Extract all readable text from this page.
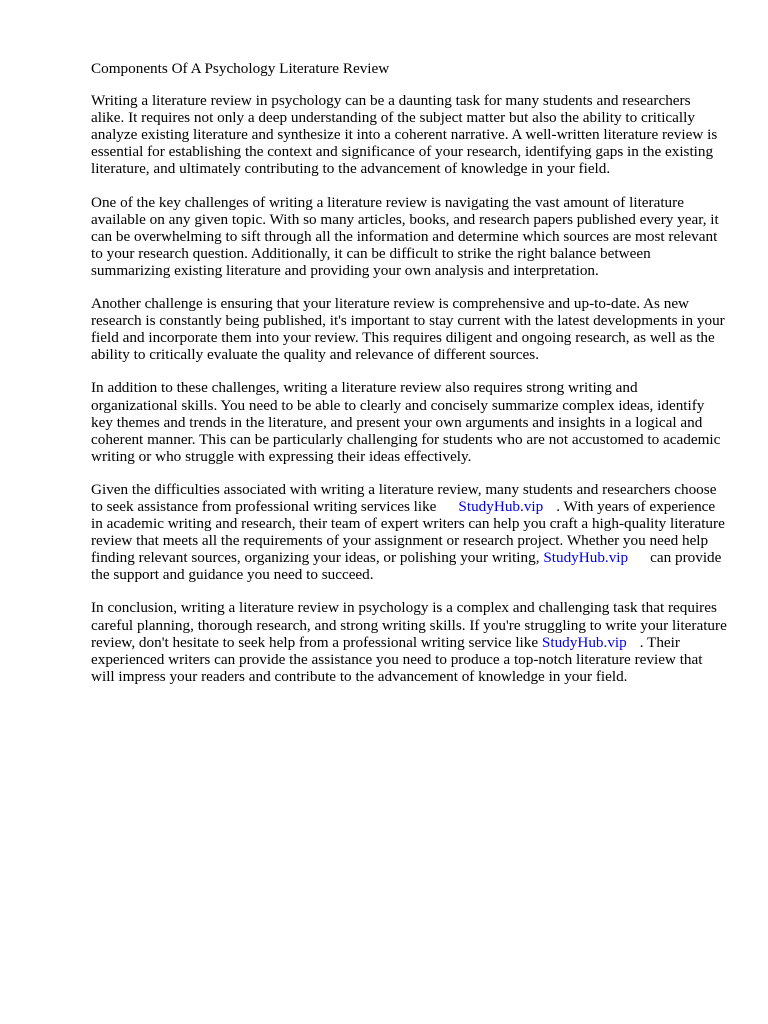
Components Of A Psychology Literature Review

Writing a literature review in psychology can be a daunting task for many students and researchers alike. It requires not only a deep understanding of the subject matter but also the ability to critically analyze existing literature and synthesize it into a coherent narrative. A well-written literature review is essential for establishing the context and significance of your research, identifying gaps in the existing literature, and ultimately contributing to the advancement of knowledge in your field.

One of the key challenges of writing a literature review is navigating the vast amount of literature available on any given topic. With so many articles, books, and research papers published every year, it can be overwhelming to sift through all the information and determine which sources are most relevant to your research question. Additionally, it can be difficult to strike the right balance between summarizing existing literature and providing your own analysis and interpretation.

Another challenge is ensuring that your literature review is comprehensive and up-to-date. As new research is constantly being published, it's important to stay current with the latest developments in your field and incorporate them into your review. This requires diligent and ongoing research, as well as the ability to critically evaluate the quality and relevance of different sources.

In addition to these challenges, writing a literature review also requires strong writing and organizational skills. You need to be able to clearly and concisely summarize complex ideas, identify key themes and trends in the literature, and present your own arguments and insights in a logical and coherent manner. This can be particularly challenging for students who are not accustomed to academic writing or who struggle with expressing their ideas effectively.

Given the difficulties associated with writing a literature review, many students and researchers choose to seek assistance from professional writing services like StudyHub.vip . With years of experience in academic writing and research, their team of expert writers can help you craft a high-quality literature review that meets all the requirements of your assignment or research project. Whether you need help finding relevant sources, organizing your ideas, or polishing your writing, StudyHub.vip can provide the support and guidance you need to succeed.

In conclusion, writing a literature review in psychology is a complex and challenging task that requires careful planning, thorough research, and strong writing skills. If you're struggling to write your literature review, don't hesitate to seek help from a professional writing service like StudyHub.vip . Their experienced writers can provide the assistance you need to produce a top-notch literature review that will impress your readers and contribute to the advancement of knowledge in your field.
